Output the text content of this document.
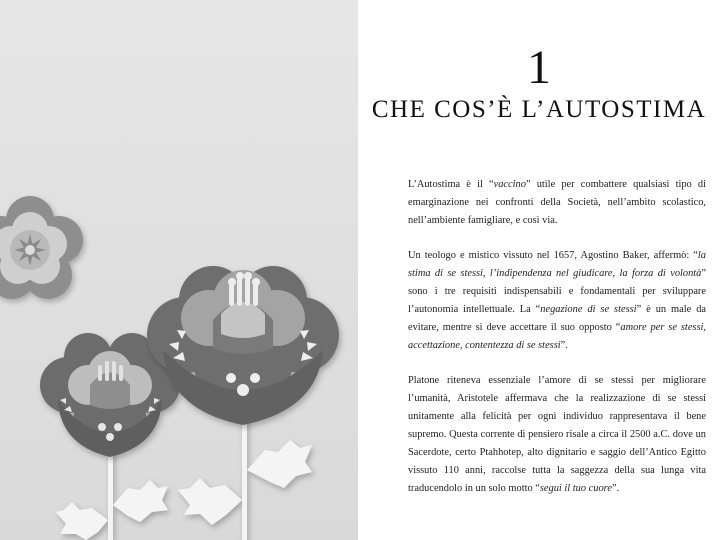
1
CHE COS’È L’AUTOSTIMA

L’Autostima è il “vaccino” utile per combattere qualsiasi tipo di emarginazione nei confronti della Società, nell’ambito scolastico, nell’ambiente famigliare, e così via.

Un teologo e mistico vissuto nel 1657, Agostino Baker, affermò: “la stima di se stessi, l’indipendenza nel giudicare, la forza di volontà” sono i tre requisiti indispensabili e fondamentali per sviluppare l’autonomia intellettuale. La “negazione di se stessi” è un male da evitare, mentre si deve accettare il suo opposto “amore per se stessi, accettazione, contentezza di se stessi”.

Platone riteneva essenziale l’amore di se stessi per migliorare l’umanità, Aristotele affermava che la realizzazione di se stessi unitamente alla felicità per ogni individuo rappresentava il bene supremo. Questa corrente di pensiero risale a circa il 2500 a.C. dove un Sacerdote, certo Ptahhotep, alto dignitario e saggio dell’Antico Egitto vissuto 110 anni, raccolse tutta la saggezza della sua lunga vita traducendolo in un solo motto “segui il tuo cuore”.
